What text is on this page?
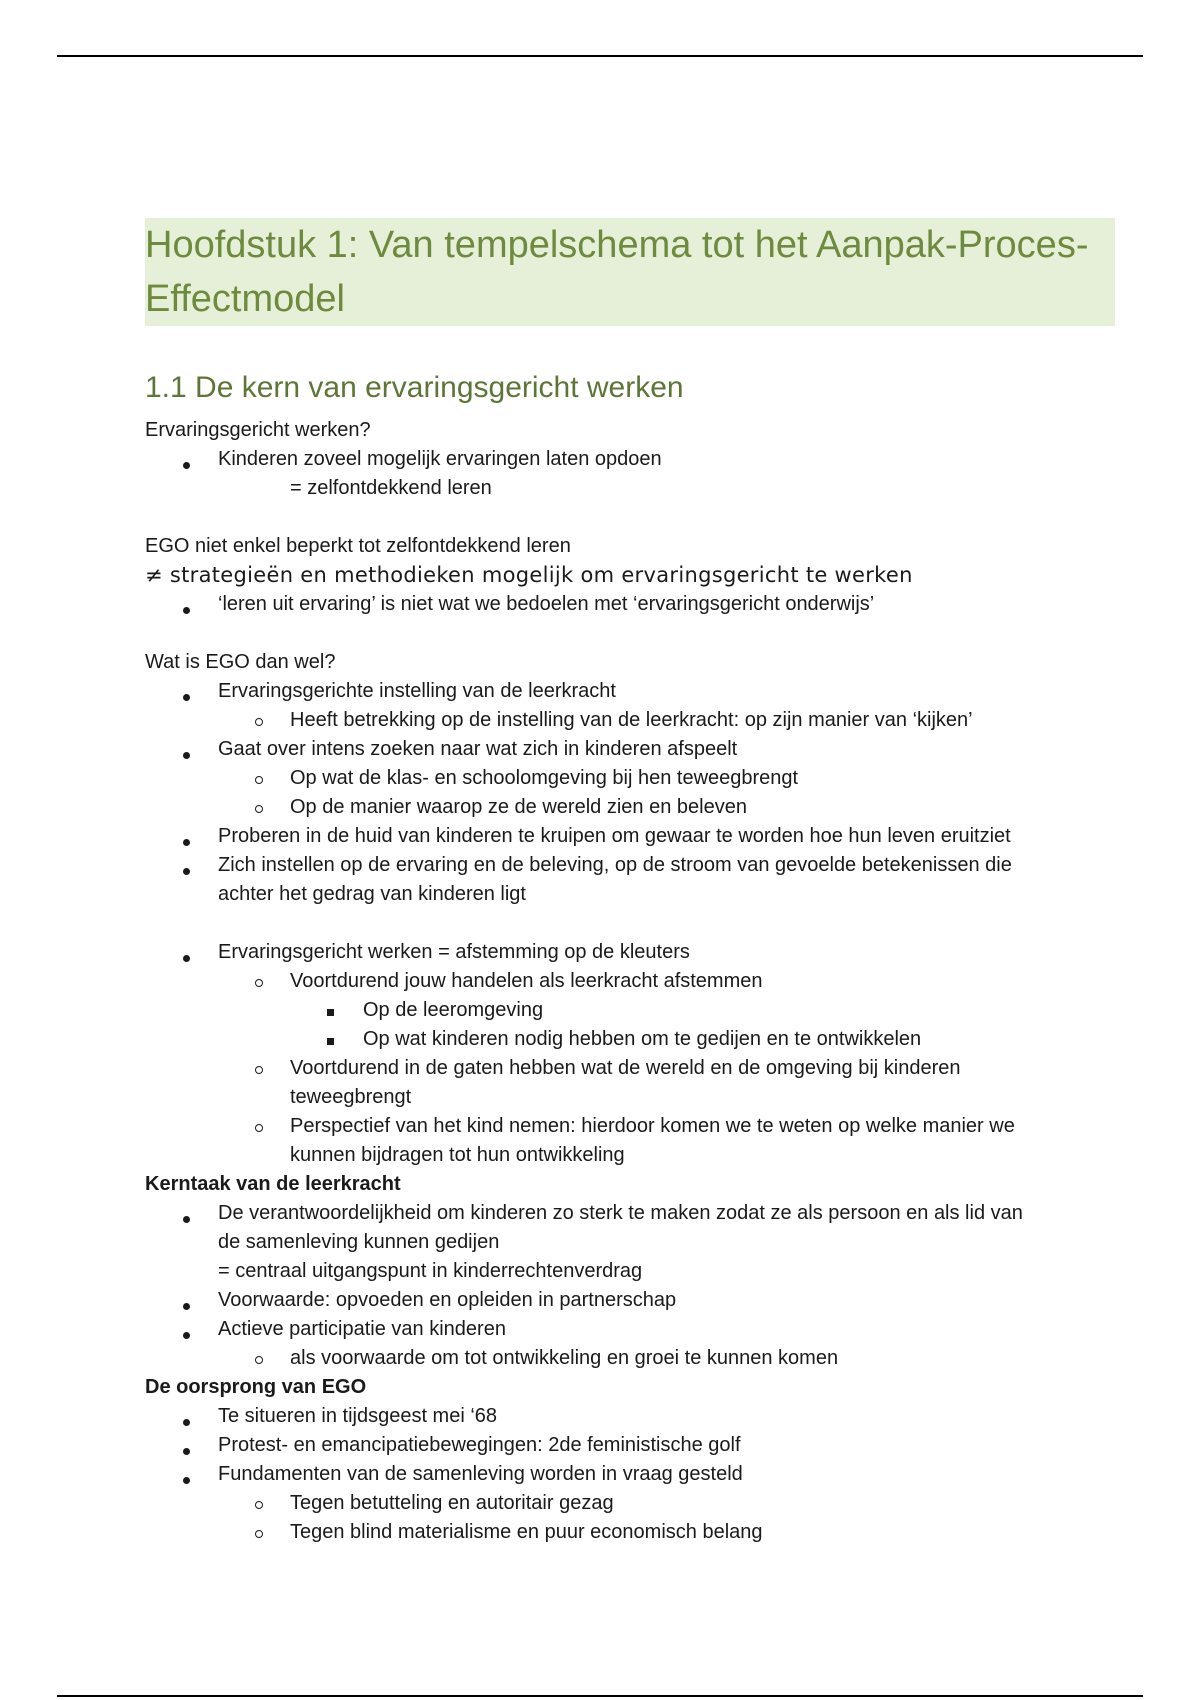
Hoofdstuk 1: Van tempelschema tot het Aanpak-Proces-Effectmodel
1.1 De kern van ervaringsgericht werken

Ervaringsgericht werken?

Kinderen zoveel mogelijk ervaringen laten opdoen
= zelfontdekkend leren

EGO niet enkel beperkt tot zelfontdekkend leren

≠ strategieën en methodieken mogelijk om ervaringsgericht te werken

‘leren uit ervaring’ is niet wat we bedoelen met ‘ervaringsgericht onderwijs’

Wat is EGO dan wel?

Ervaringsgerichte instelling van de leerkracht
Heeft betrekking op de instelling van de leerkracht: op zijn manier van ‘kijken’
Gaat over intens zoeken naar wat zich in kinderen afspeelt
Op wat de klas- en schoolomgeving bij hen teweegbrengt
Op de manier waarop ze de wereld zien en beleven
Proberen in de huid van kinderen te kruipen om gewaar te worden hoe hun leven eruitziet
Zich instellen op de ervaring en de beleving, op de stroom van gevoelde betekenissen die
achter het gedrag van kinderen ligt
Ervaringsgericht werken = afstemming op de kleuters
Voortdurend jouw handelen als leerkracht afstemmen
Op de leeromgeving
Op wat kinderen nodig hebben om te gedijen en te ontwikkelen
Voortdurend in de gaten hebben wat de wereld en de omgeving bij kinderen
teweegbrengt
Perspectief van het kind nemen: hierdoor komen we te weten op welke manier we
kunnen bijdragen tot hun ontwikkeling

Kerntaak van de leerkracht

De verantwoordelijkheid om kinderen zo sterk te maken zodat ze als persoon en als lid van
de samenleving kunnen gedijen
= centraal uitgangspunt in kinderrechtenverdrag
Voorwaarde: opvoeden en opleiden in partnerschap
Actieve participatie van kinderen
als voorwaarde om tot ontwikkeling en groei te kunnen komen

De oorsprong van EGO

Te situeren in tijdsgeest mei ‘68
Protest- en emancipatiebewegingen: 2de feministische golf
Fundamenten van de samenleving worden in vraag gesteld
Tegen betutteling en autoritair gezag
Tegen blind materialisme en puur economisch belang
